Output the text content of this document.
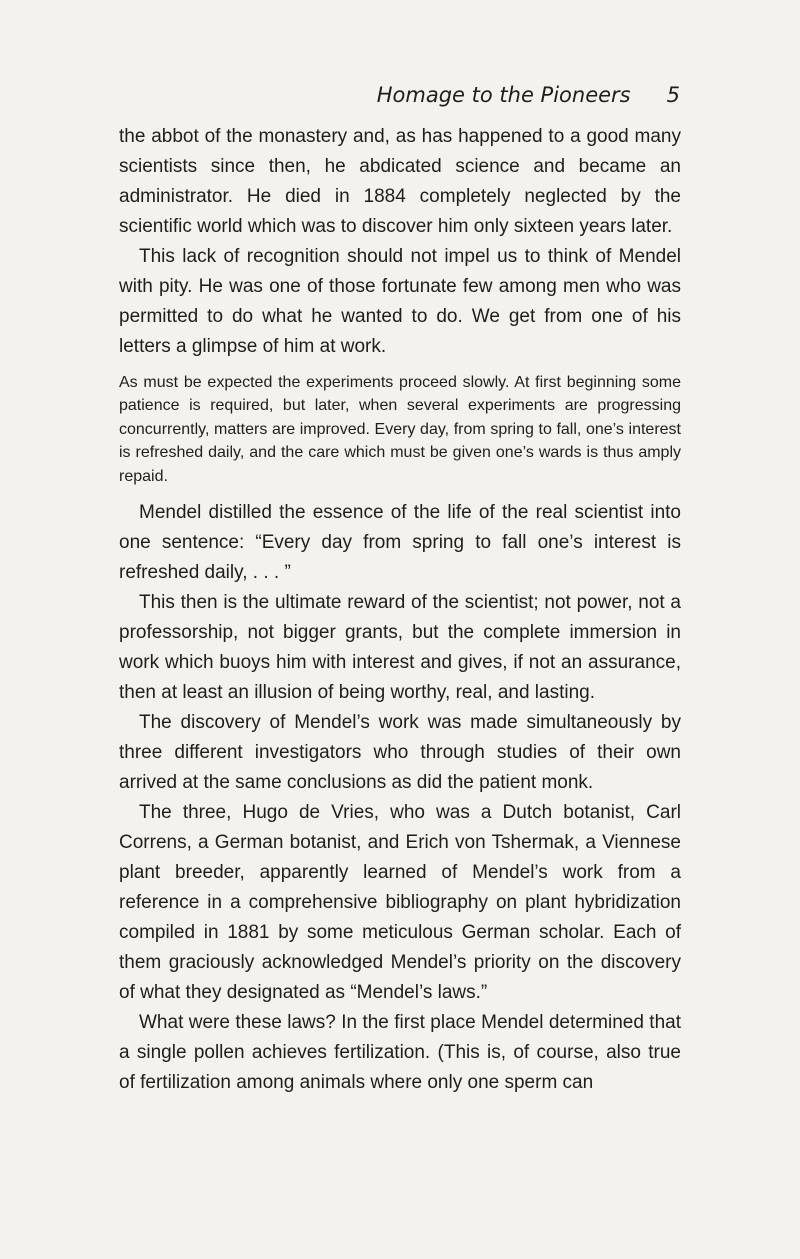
Homage to the Pioneers 5

the abbot of the monastery and, as has happened to a good many scientists since then, he abdicated science and became an administrator. He died in 1884 completely neglected by the scientific world which was to discover him only sixteen years later.

This lack of recognition should not impel us to think of Mendel with pity. He was one of those fortunate few among men who was permitted to do what he wanted to do. We get from one of his letters a glimpse of him at work.

As must be expected the experiments proceed slowly. At first beginning some patience is required, but later, when several experiments are progressing concurrently, matters are improved. Every day, from spring to fall, one’s interest is refreshed daily, and the care which must be given one’s wards is thus amply repaid.

Mendel distilled the essence of the life of the real scientist into one sentence: “Every day from spring to fall one’s interest is refreshed daily, . . . ”

This then is the ultimate reward of the scientist; not power, not a professorship, not bigger grants, but the complete immersion in work which buoys him with interest and gives, if not an assurance, then at least an illusion of being worthy, real, and lasting.

The discovery of Mendel’s work was made simultaneously by three different investigators who through studies of their own arrived at the same conclusions as did the patient monk.

The three, Hugo de Vries, who was a Dutch botanist, Carl Correns, a German botanist, and Erich von Tshermak, a Viennese plant breeder, apparently learned of Mendel’s work from a reference in a comprehensive bibliography on plant hybridization compiled in 1881 by some meticulous German scholar. Each of them graciously acknowledged Mendel’s priority on the discovery of what they designated as “Mendel’s laws.”

What were these laws? In the first place Mendel determined that a single pollen achieves fertilization. (This is, of course, also true of fertilization among animals where only one sperm can
